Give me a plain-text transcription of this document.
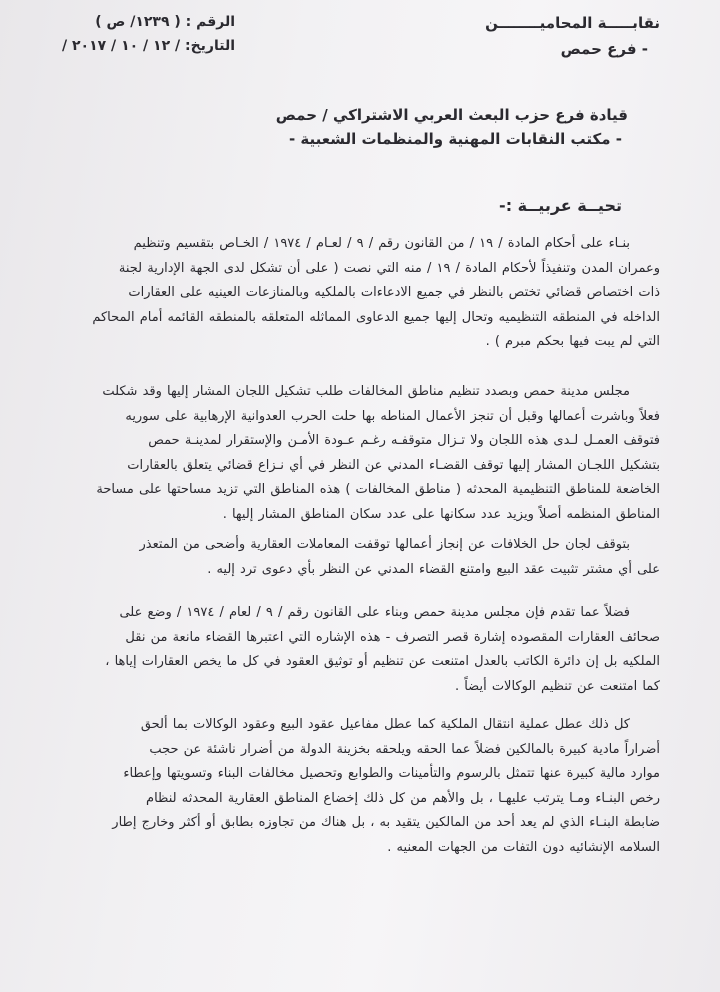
نقابـــــة المحاميــــــــن
- فرع حمص
الرقم : ( ١٢٣٩/ ص )
التاريخ: / ١٢ / ١٠ / ٢٠١٧ /
قيادة فرع حزب البعث العربي الاشتراكي / حمص
- مكتب النقابات المهنية والمنظمات الشعبية -
تحيــة عربيــة :-

بنـاء على أحكام المادة / ١٩ / من القانون رقم / ٩ / لعـام / ١٩٧٤ / الخـاص بتقسيم وتنظيم

وعمران المدن وتنفيذاً لأحكام المادة / ١٩ / منه التي نصت ( على أن تشكل لدى الجهة الإدارية لجنة

ذات اختصاص قضائي تختص بالنظر في جميع الادعاءات بالملكيه وبالمنازعات العينيه على العقارات

الداخله في المنطقه التنظيميه وتحال إليها جميع الدعاوى المماثله المتعلقه بالمنطقه القائمه أمام المحاكم

التي لم يبت فيها بحكم مبرم ) .

مجلس مدينة حمص وبصدد تنظيم مناطق المخالفات طلب تشكيل اللجان المشار إليها وقد شكلت

فعلاً وباشرت أعمالها وقبل أن تنجز الأعمال المناطه بها حلت الحرب العدوانية الإرهابية على سوريه

فتوقف العمـل لـدى هذه اللجان ولا تـزال متوقفـه رغـم عـودة الأمـن والإستقرار لمدينـة حمص

بتشكيل اللجـان المشار إليها توقف القضـاء المدني عن النظر في أي نـزاع قضائي يتعلق بالعقارات

الخاضعة للمناطق التنظيمية المحدثه ( مناطق المخالفات ) هذه المناطق التي تزيد مساحتها على مساحة

المناطق المنظمه أصلاً ويزيد عدد سكانها على عدد سكان المناطق المشار إليها .

بتوقف لجان حل الخلافات عن إنجاز أعمالها توقفت المعاملات العقارية وأضحى من المتعذر

على أي مشتر تثبيت عقد البيع وامتنع القضاء المدني عن النظر بأي دعوى ترد إليه .

فضلاً عما تقدم فإن مجلس مدينة حمص وبناء على القانون رقم / ٩ / لعام / ١٩٧٤ / وضع على

صحائف العقارات المقصوده إشارة قصر التصرف - هذه الإشاره التي اعتبرها القضاء مانعة من نقل

الملكيه بل إن دائرة الكاتب بالعدل امتنعت عن تنظيم أو توثيق العقود في كل ما يخص العقارات إياها ،

كما امتنعت عن تنظيم الوكالات أيضاً .

كل ذلك عطل عملية انتقال الملكية كما عطل مفاعيل عقود البيع وعقود الوكالات بما ألحق

أضراراً مادية كبيرة بالمالكين فضلاً عما الحقه ويلحقه بخزينة الدولة من أضرار ناشئة عن حجب

موارد مالية كبيرة عنها تتمثل بالرسوم والتأمينات والطوابع وتحصيل مخالفات البناء وتسويتها وإعطاء

رخص البنـاء ومـا يترتب عليهـا ، بل والأهم من كل ذلك إخضاع المناطق العقارية المحدثه لنظام

ضابطة البنـاء الذي لم يعد أحد من المالكين يتقيد به ، بل هناك من تجاوزه بطابق أو أكثر وخارج إطار

السلامه الإنشائيه دون التفات من الجهات المعنيه .
